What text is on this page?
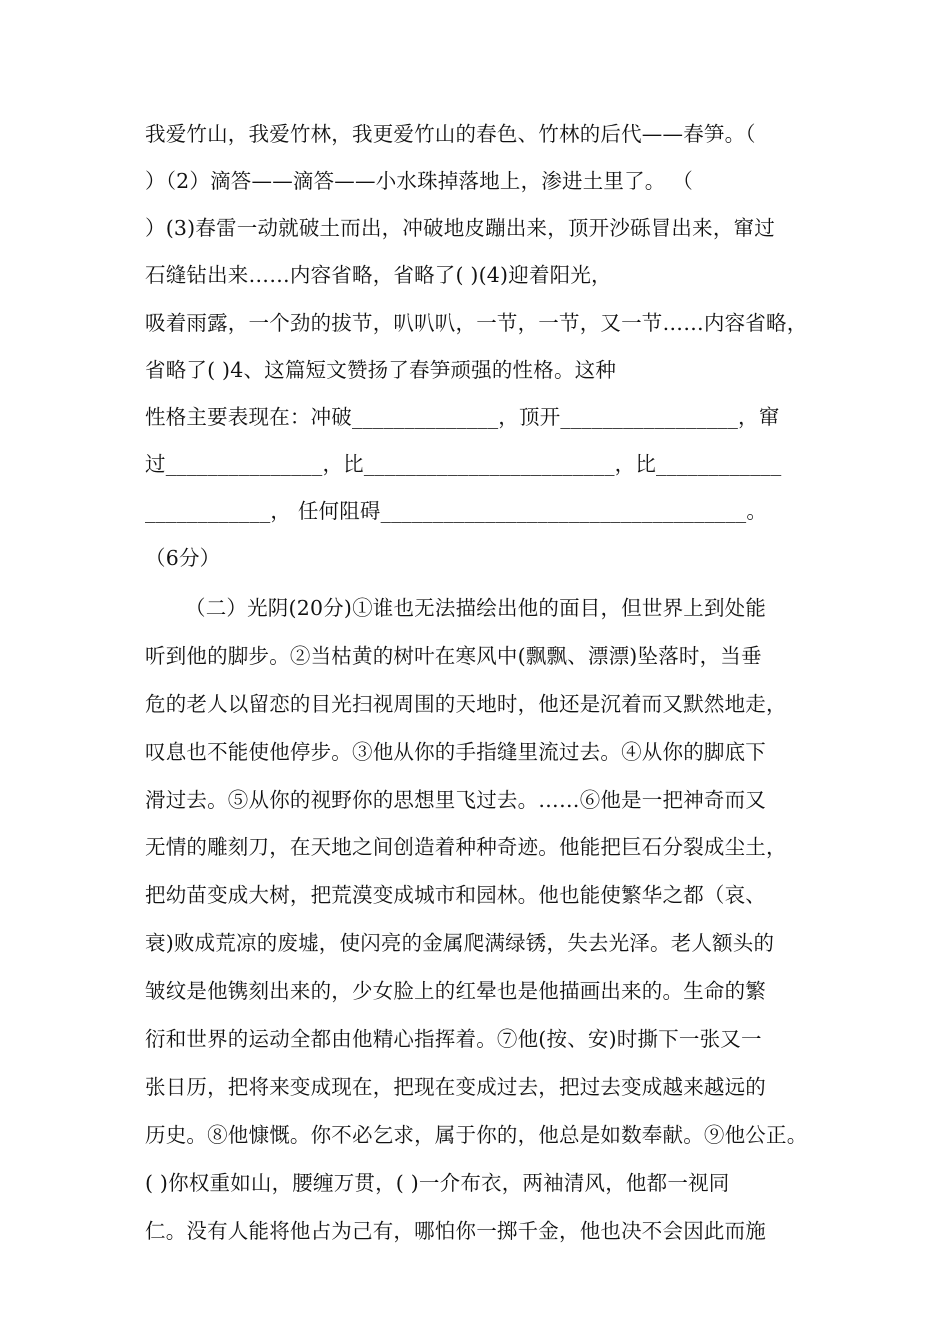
我爱竹山，我爱竹林，我更爱竹山的春色、竹林的后代——春笋。（
）（2）滴答——滴答——小水珠掉落地上，渗进土里了。 （
）(3)春雷一动就破土而出，冲破地皮蹦出来，顶开沙砾冒出来，窜过
石缝钻出来……内容省略，省略了( )(4)迎着阳光，
吸着雨露，一个劲的拔节，叭叭叭，一节，一节，又一节……内容省略，
省略了( )4、这篇短文赞扬了春笋顽强的性格。这种
性格主要表现在：冲破______________，顶开_________________，窜
过_______________，比________________________，比____________
____________， 任何阻碍___________________________________。
（6分）
（二）光阴(20分)①谁也无法描绘出他的面目，但世界上到处能
听到他的脚步。②当枯黄的树叶在寒风中(飘飘、漂漂)坠落时，当垂
危的老人以留恋的目光扫视周围的天地时，他还是沉着而又默然地走，
叹息也不能使他停步。③他从你的手指缝里流过去。④从你的脚底下
滑过去。⑤从你的视野你的思想里飞过去。……⑥他是一把神奇而又
无情的雕刻刀，在天地之间创造着种种奇迹。他能把巨石分裂成尘土，
把幼苗变成大树，把荒漠变成城市和园林。他也能使繁华之都（哀、
衰)败成荒凉的废墟，使闪亮的金属爬满绿锈，失去光泽。老人额头的
皱纹是他镌刻出来的，少女脸上的红晕也是他描画出来的。生命的繁
衍和世界的运动全都由他精心指挥着。⑦他(按、安)时撕下一张又一
张日历，把将来变成现在，把现在变成过去，把过去变成越来越远的
历史。⑧他慷慨。你不必乞求，属于你的，他总是如数奉献。⑨他公正。
( )你权重如山，腰缠万贯，( )一介布衣，两袖清风，他都一视同
仁。没有人能将他占为己有，哪怕你一掷千金，他也决不会因此而施
